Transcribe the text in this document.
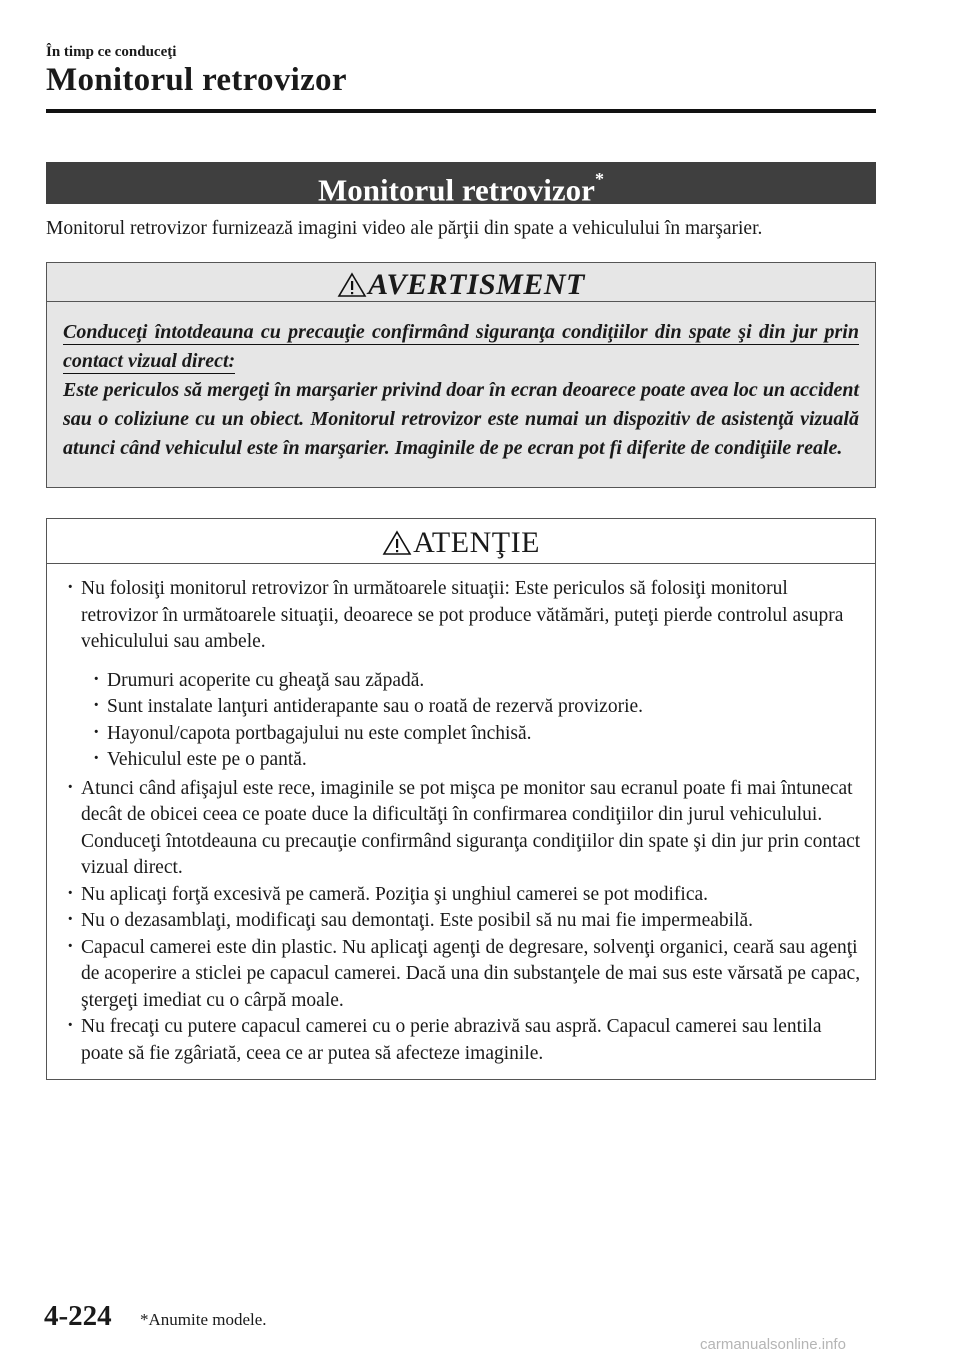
În timp ce conduceţi
Monitorul retrovizor
Monitorul retrovizor*

Monitorul retrovizor furnizează imagini video ale părţii din spate a vehiculului în marşarier.

AVERTISMENT
Conduceţi întotdeauna cu precauţie confirmând siguranţa condiţiilor din spate şi din jur prin contact vizual direct:
Este periculos să mergeţi în marşarier privind doar în ecran deoarece poate avea loc un accident sau o coliziune cu un obiect. Monitorul retrovizor este numai un dispozitiv de asistenţă vizuală atunci când vehiculul este în marşarier. Imaginile de pe ecran pot fi diferite de condiţiile reale.
ATENŢIE
· Nu folosiţi monitorul retrovizor în următoarele situaţii: Este periculos să folosiţi monitorul retrovizor în următoarele situaţii, deoarece se pot produce vătămări, puteţi pierde controlul asupra vehiculului sau ambele.
· Drumuri acoperite cu gheaţă sau zăpadă.
· Sunt instalate lanţuri antiderapante sau o roată de rezervă provizorie.
· Hayonul/capota portbagajului nu este complet închisă.
· Vehiculul este pe o pantă.
· Atunci când afişajul este rece, imaginile se pot mişca pe monitor sau ecranul poate fi mai întunecat decât de obicei ceea ce poate duce la dificultăţi în confirmarea condiţiilor din jurul vehiculului. Conduceţi întotdeauna cu precauţie confirmând siguranţa condiţiilor din spate şi din jur prin contact vizual direct.
· Nu aplicaţi forţă excesivă pe cameră. Poziţia şi unghiul camerei se pot modifica.
· Nu o dezasamblaţi, modificaţi sau demontaţi. Este posibil să nu mai fie impermeabilă.
· Capacul camerei este din plastic. Nu aplicaţi agenţi de degresare, solvenţi organici, ceară sau agenţi de acoperire a sticlei pe capacul camerei. Dacă una din substanţele de mai sus este vărsată pe capac, ştergeţi imediat cu o cârpă moale.
· Nu frecaţi cu putere capacul camerei cu o perie abrazivă sau aspră. Capacul camerei sau lentila poate să fie zgâriată, ceea ce ar putea să afecteze imaginile.
4-224 *Anumite modele.
carmanualsonline.info
